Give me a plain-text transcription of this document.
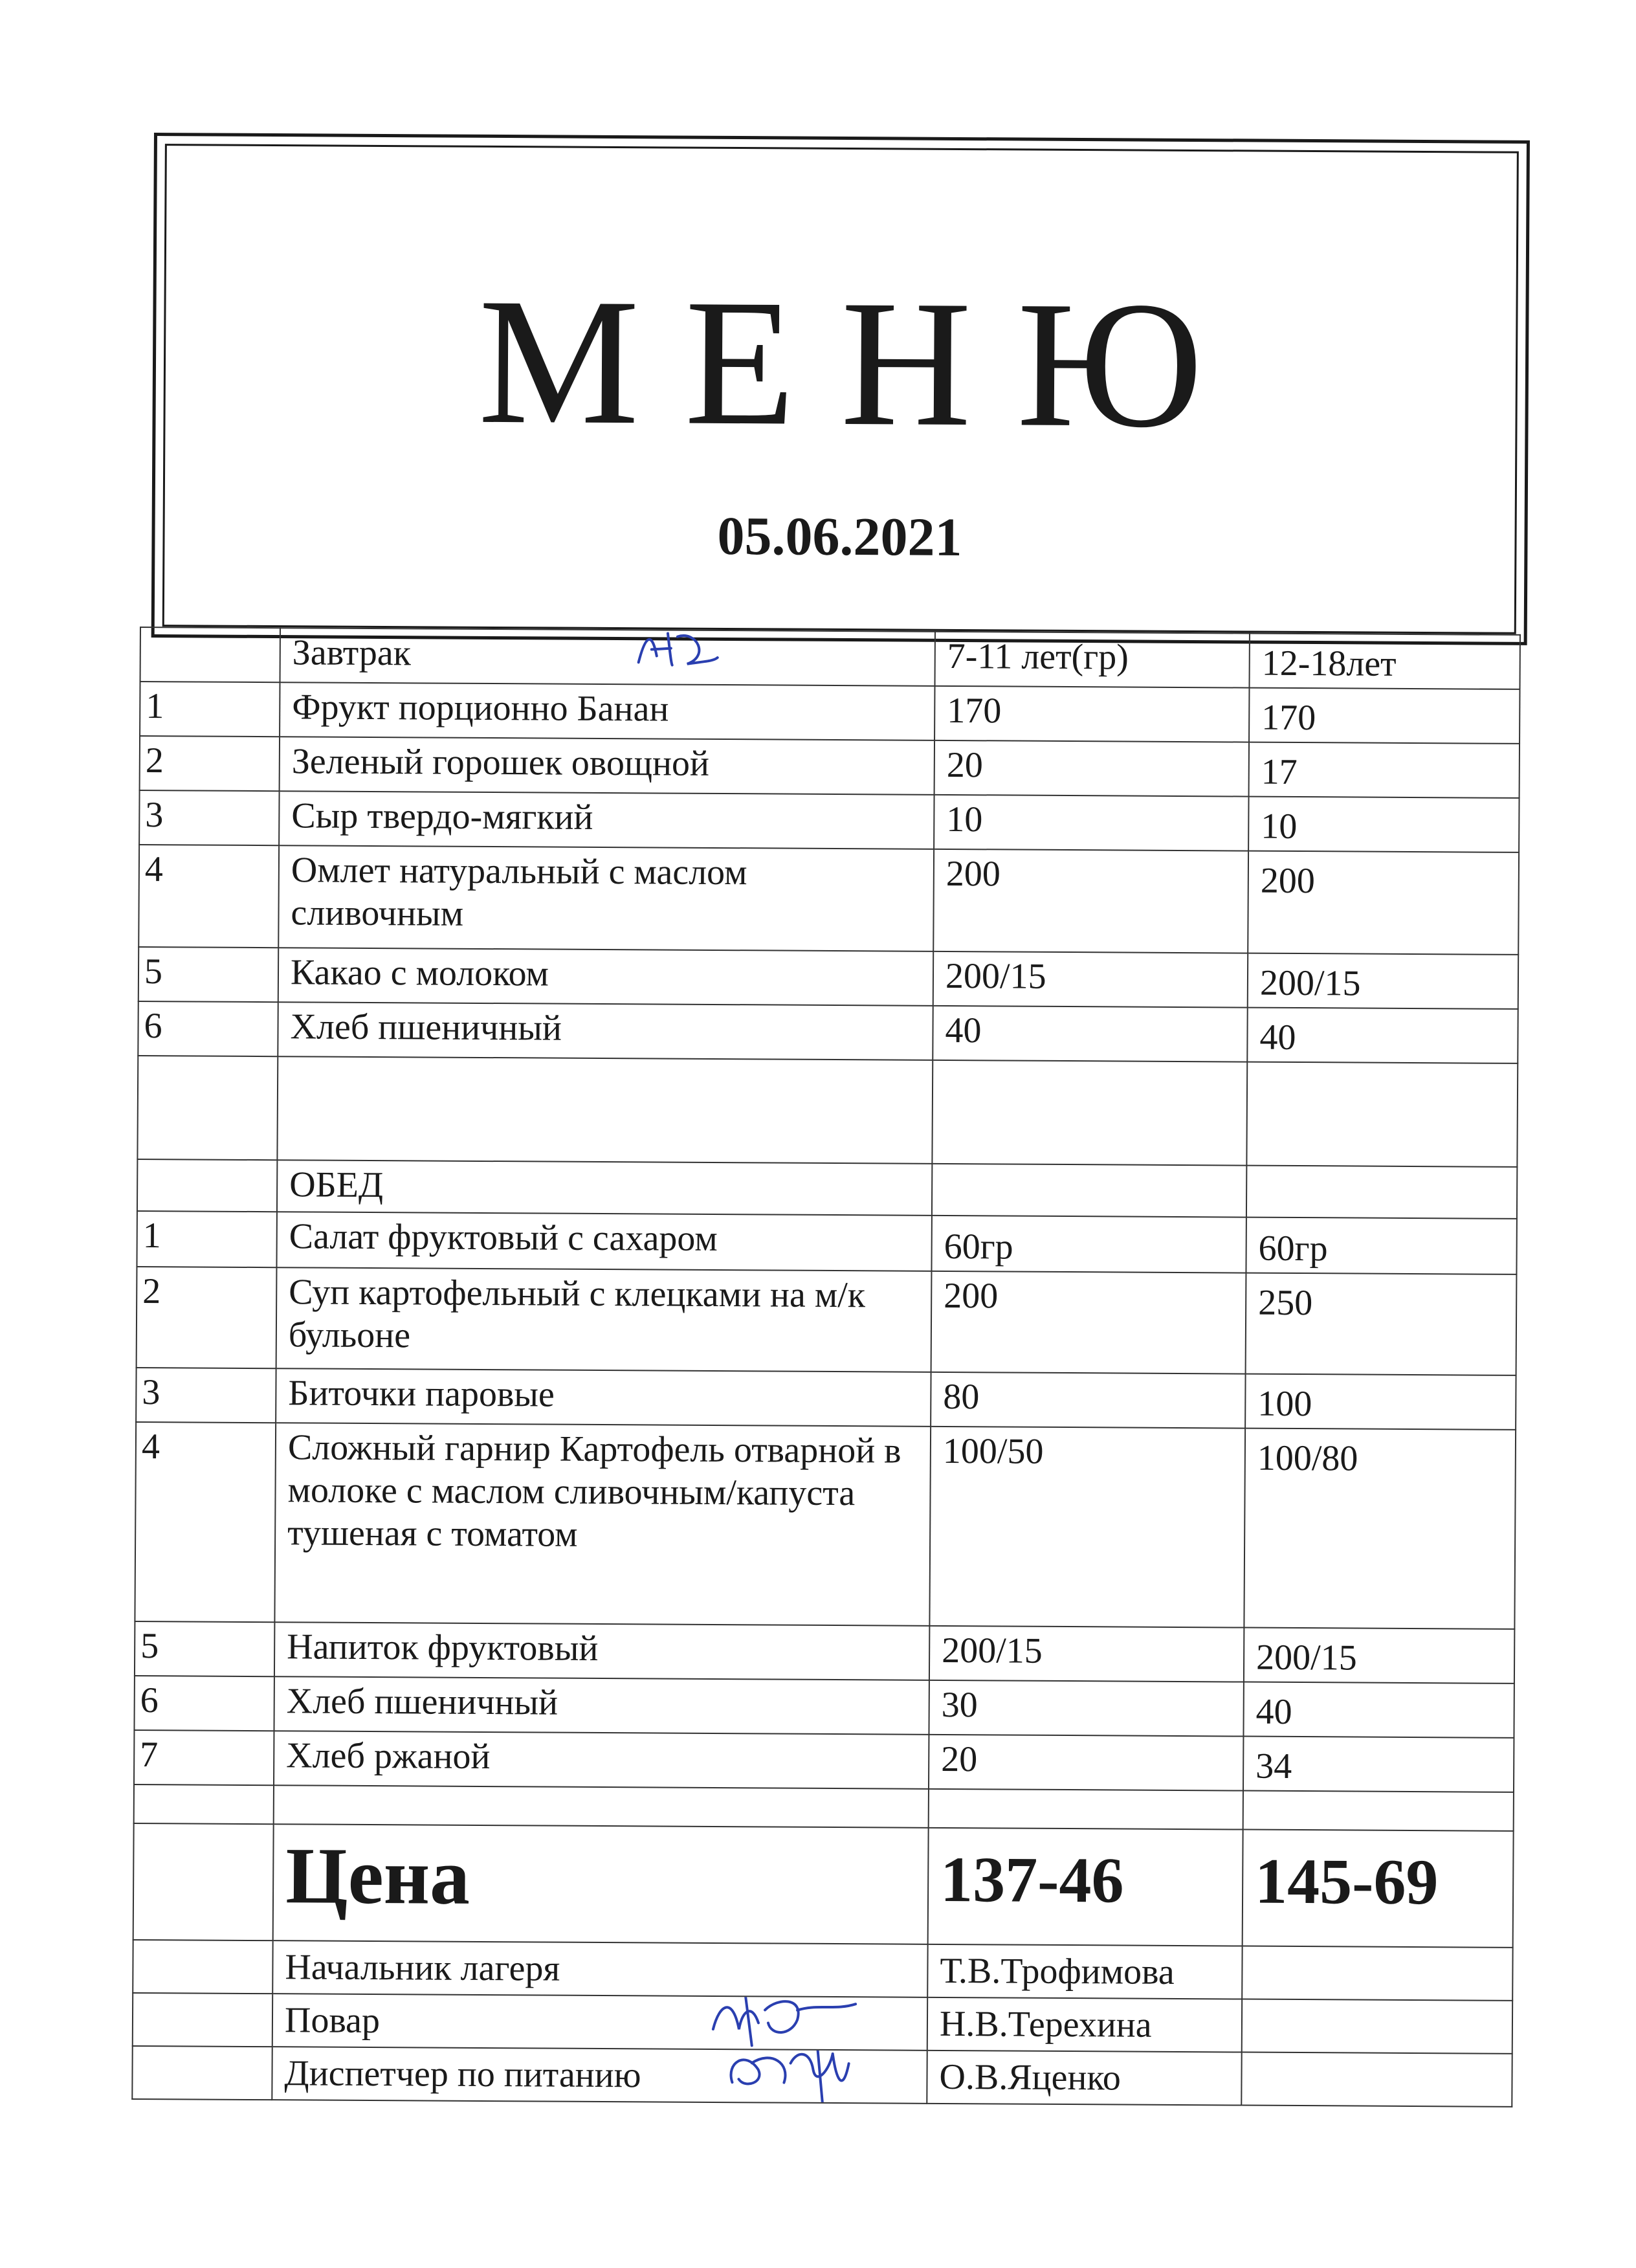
МЕНЮ
05.06.2021
	Завтрак	7-11 лет(гр)	12-18лет
1	Фрукт порционно Банан	170	170
2	Зеленый горошек овощной	20	17
3	Сыр твердо-мягкий	10	10
4	Омлет натуральный с маслом сливочным	200	200
5	Какао с молоком	200/15	200/15
6	Хлеб пшеничный	40	40

	ОБЕД		
1	Салат фруктовый с сахаром	60гр	60гр
2	Суп картофельный с клецками на м/к бульоне	200	250
3	Биточки паровые	80	100
4	Сложный гарнир Картофель отварной в молоке с маслом сливочным/капуста тушеная с томатом	100/50	100/80
5	Напиток фруктовый	200/15	200/15
6	Хлеб пшеничный	30	40
7	Хлеб ржаной	20	34

	Цена	137-46	145-69
	Начальник лагеря	Т.В.Трофимова	
	Повар	Н.В.Терехина	
	Диспетчер по питанию	О.В.Яценко	
